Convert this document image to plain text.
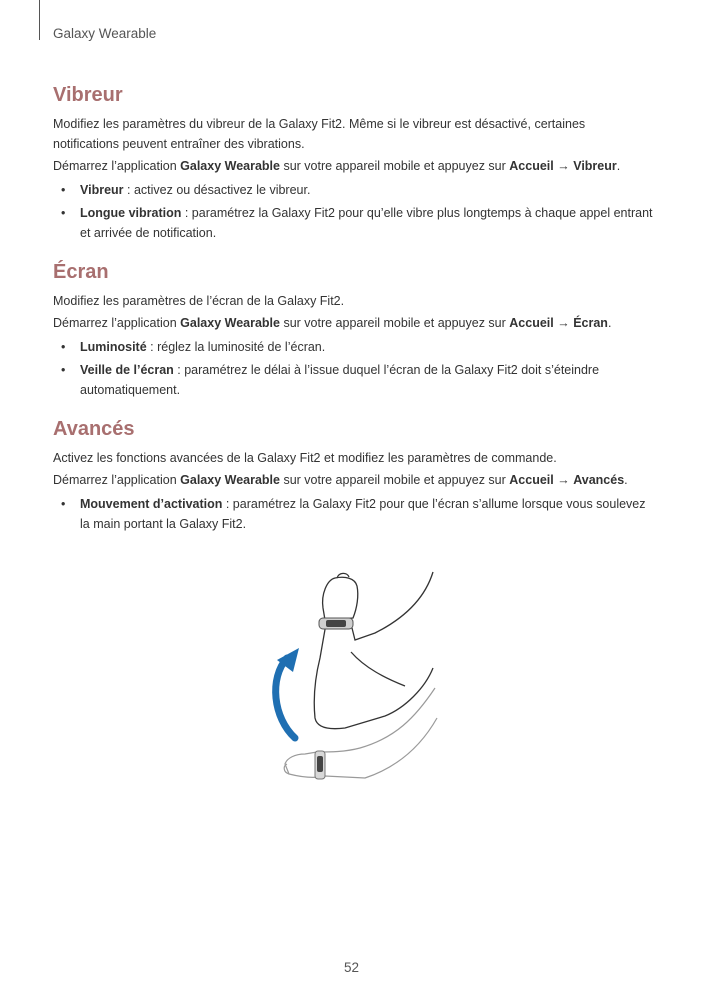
Galaxy Wearable
Vibreur

Modifiez les paramètres du vibreur de la Galaxy Fit2. Même si le vibreur est désactivé, certaines notifications peuvent entraîner des vibrations.

Démarrez l’application Galaxy Wearable sur votre appareil mobile et appuyez sur Accueil → Vibreur.

• Vibreur : activez ou désactivez le vibreur.
• Longue vibration : paramétrez la Galaxy Fit2 pour qu’elle vibre plus longtemps à chaque appel entrant et arrivée de notification.
Écran

Modifiez les paramètres de l’écran de la Galaxy Fit2.

Démarrez l’application Galaxy Wearable sur votre appareil mobile et appuyez sur Accueil → Écran.

• Luminosité : réglez la luminosité de l’écran.
• Veille de l’écran : paramétrez le délai à l’issue duquel l’écran de la Galaxy Fit2 doit s’éteindre automatiquement.
Avancés

Activez les fonctions avancées de la Galaxy Fit2 et modifiez les paramètres de commande.

Démarrez l’application Galaxy Wearable sur votre appareil mobile et appuyez sur Accueil → Avancés.

• Mouvement d’activation : paramétrez la Galaxy Fit2 pour que l’écran s’allume lorsque vous soulevez la main portant la Galaxy Fit2.
52
